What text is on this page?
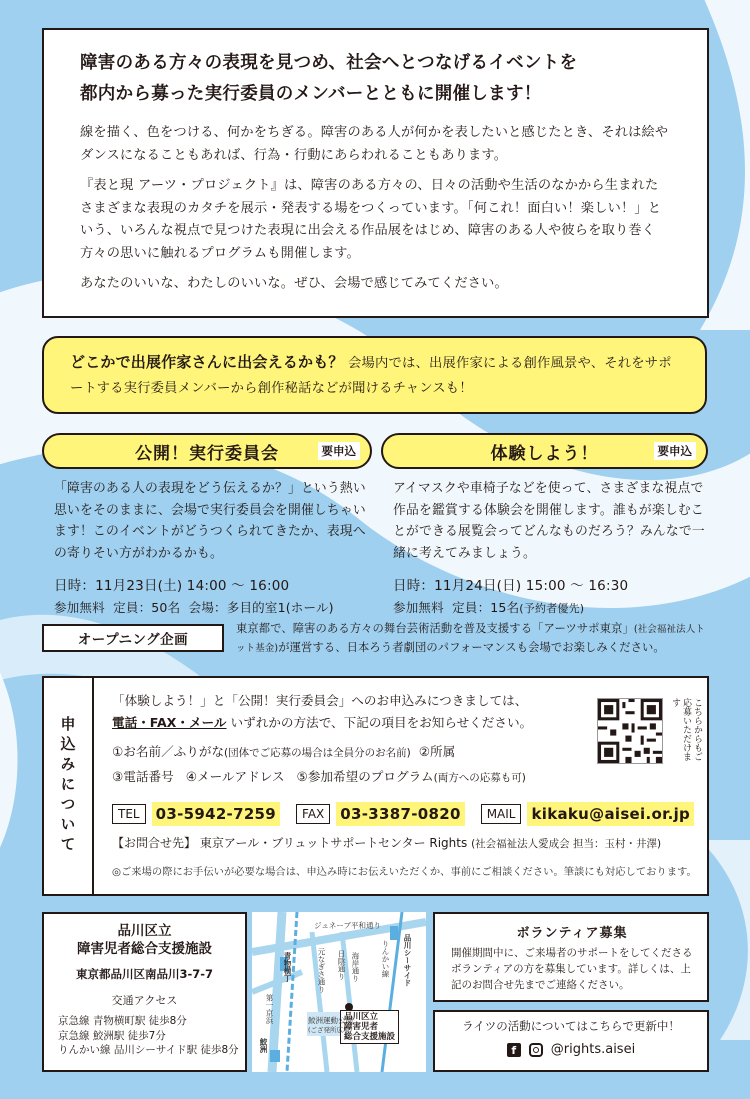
障害のある方々の表現を見つめ、社会へとつなげるイベントを
都内から募った実行委員のメンバーとともに開催します！

線を描く、色をつける、何かをちぎる。障害のある人が何かを表したいと感じたとき、それは絵やダンスになることもあれば、行為・行動にあらわれることもあります。

『表と現 アーツ・プロジェクト』は、障害のある方々の、日々の活動や生活のなかから生まれたさまざまな表現のカタチを展示・発表する場をつくっています。「何これ！面白い！楽しい！」という、いろんな視点で見つけた表現に出会える作品展をはじめ、障害のある人や彼らを取り巻く方々の思いに触れるプログラムも開催します。

あなたのいいな、わたしのいいな。ぜひ、会場で感じてみてください。

どこかで出展作家さんに出会えるかも？ 会場内では、出展作家による創作風景や、それをサポートする実行委員メンバーから創作秘話などが聞けるチャンスも！
公開！実行委員会	要申込	体験しよう！	要申込
「障害のある人の表現をどう伝えるか？」という熱い思いをそのままに、会場で実行委員会を開催しちゃいます！このイベントがどうつくられてきたか、表現への寄りそい方がわかるかも。
日時：11月23日(土) 14:00 〜 16:00
参加無料 定員：50名 会場：多目的室1(ホール)
アイマスクや車椅子などを使って、さまざまな視点で作品を鑑賞する体験会を開催します。誰もが楽しむことができる展覧会ってどんなものだろう？みんなで一緒に考えてみましょう。
日時：11月24日(日) 15:00 〜 16:30
参加無料 定員：15名(予約者優先)
オープニング企画
東京都で、障害のある方々の舞台芸術活動を普及支援する「アーツサポ東京」(社会福祉法人トット基金)が運営する、日本ろう者劇団のパフォーマンスも会場でお楽しみください。
申込みについて
「体験しよう！」と「公開！実行委員会」へのお申込みにつきましては、
電話・FAX・メール いずれかの方法で、下記の項目をお知らせください。
①お名前／ふりがな(団体でご応募の場合は全員分のお名前) ②所属
③電話番号 ④メールアドレス ⑤参加希望のプログラム(両方への応募も可)
TEL	03-5942-7259	FAX	03-3387-0820	MAIL	kikaku@aisei.or.jp
【お問合せ先】 東京アール・ブリュットサポートセンター Rights (社会福祉法人愛成会 担当：玉村・井澤)
◎ご来場の際にお手伝いが必要な場合は、申込み時にお伝えいただくか、事前にご相談ください。筆談にも対応しております。
こちらからもご応募いただけます
品川区立
障害児者総合支援施設
東京都品川区南品川3-7-7
交通アクセス
京急線 青物横町駅 徒歩8分
京急線 鮫洲駅 徒歩7分
りんかい線 品川シーサイド駅 徒歩8分
ジュネーブ平和通り
りんかい線 品川シーサイド
青物横丁
第一京浜
日陰通り
元なぎさ通り	海岸通り
鮫洲運動公園
(ござ発所広場)
鮫洲
品川区立
障害児者
総合支援施設
ボランティア募集
開催期間中に、ご来場者のサポートをしてくださるボランティアの方を募集しています。詳しくは、上記のお問合せ先までご連絡ください。
ライツの活動についてはこちらで更新中！
f	@rights.aisei
